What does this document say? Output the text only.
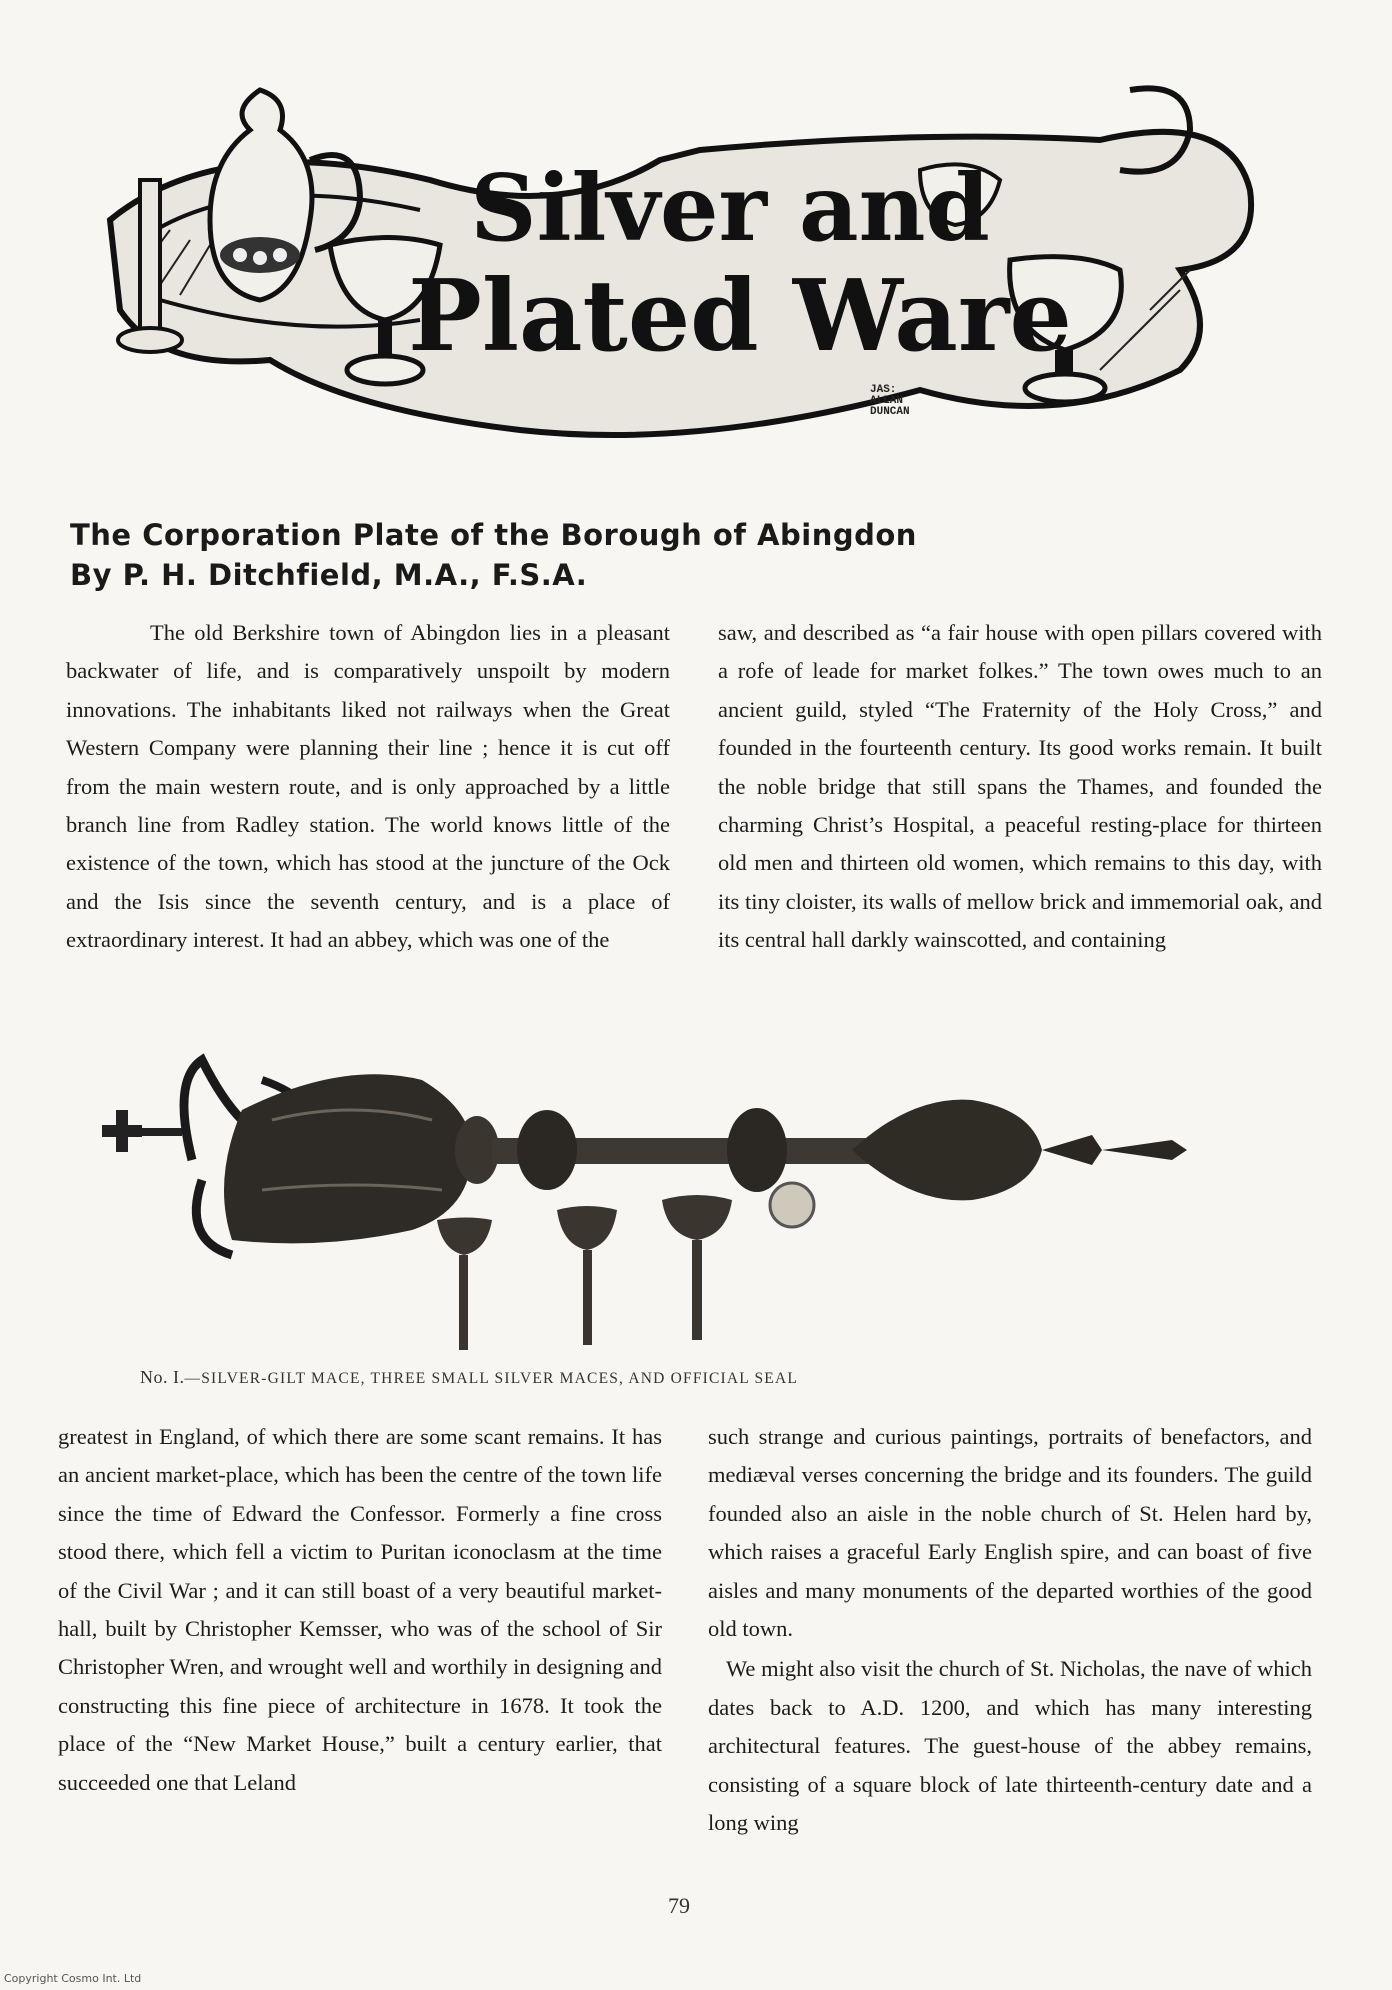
Silver and
Plated Ware
JAS:
ALLAN
DUNCAN
The Corporation Plate of the Borough of Abingdon
By P. H. Ditchfield, M.A., F.S.A.

The old Berkshire town of Abingdon lies in a pleasant backwater of life, and is comparatively unspoilt by modern innovations. The inhabitants liked not railways when the Great Western Company were planning their line ; hence it is cut off from the main western route, and is only approached by a little branch line from Radley station. The world knows little of the existence of the town, which has stood at the juncture of the Ock and the Isis since the seventh century, and is a place of extraordinary interest. It had an abbey, which was one of the

saw, and described as “a fair house with open pillars covered with a rofe of leade for market folkes.” The town owes much to an ancient guild, styled “The Fraternity of the Holy Cross,” and founded in the fourteenth century. Its good works remain. It built the noble bridge that still spans the Thames, and founded the charming Christ’s Hospital, a peaceful resting-place for thirteen old men and thirteen old women, which remains to this day, with its tiny cloister, its walls of mellow brick and immemorial oak, and its central hall darkly wainscotted, and containing

No. I.—SILVER-GILT MACE, THREE SMALL SILVER MACES, AND OFFICIAL SEAL

greatest in England, of which there are some scant remains. It has an ancient market-place, which has been the centre of the town life since the time of Edward the Confessor. Formerly a fine cross stood there, which fell a victim to Puritan iconoclasm at the time of the Civil War ; and it can still boast of a very beautiful market-hall, built by Christopher Kemsser, who was of the school of Sir Christopher Wren, and wrought well and worthily in designing and constructing this fine piece of architecture in 1678. It took the place of the “New Market House,” built a century earlier, that succeeded one that Leland

such strange and curious paintings, portraits of benefactors, and mediæval verses concerning the bridge and its founders. The guild founded also an aisle in the noble church of St. Helen hard by, which raises a graceful Early English spire, and can boast of five aisles and many monuments of the departed worthies of the good old town.

We might also visit the church of St. Nicholas, the nave of which dates back to A.D. 1200, and which has many interesting architectural features. The guest-house of the abbey remains, consisting of a square block of late thirteenth-century date and a long wing

79
Copyright Cosmo Int. Ltd
